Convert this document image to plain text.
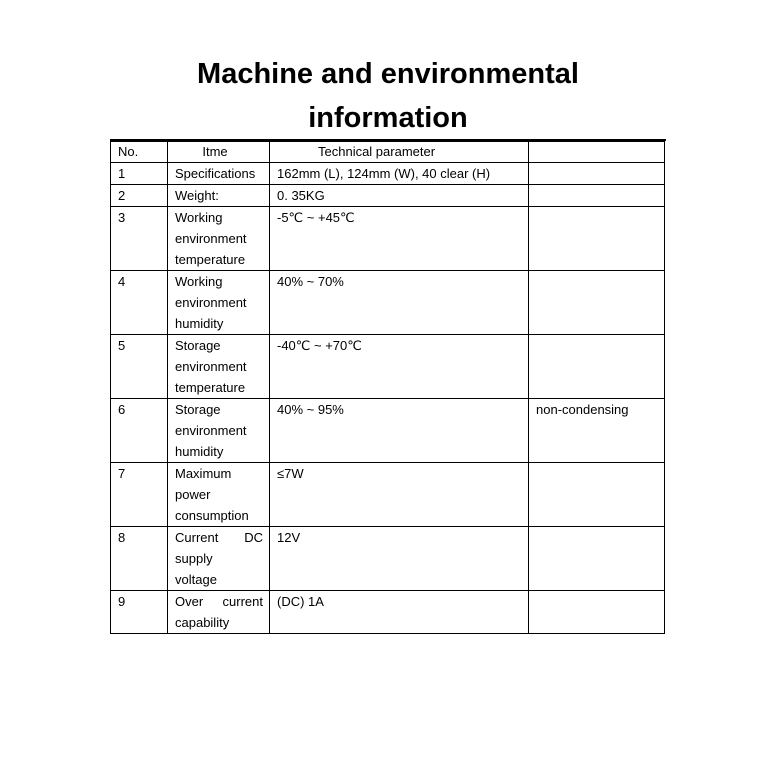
Machine and environmental
information
No.	Itme	Technical parameter	
1	Specifications	162mm (L), 124mm (W), 40 clear (H)	
2	Weight:	0. 35KG	
3	Working
environment
temperature	-5℃ ~ +45℃	
4	Working
environment
humidity	40% ~ 70%	
5	Storage
environment
temperature	-40℃ ~ +70℃	
6	Storage
environment
humidity	40% ~ 95%	non-condensing
7	Maximum
power
consumption	≤7W	
8	Current DC
supply
voltage	12V	
9	Over current
capability	(DC) 1A	
